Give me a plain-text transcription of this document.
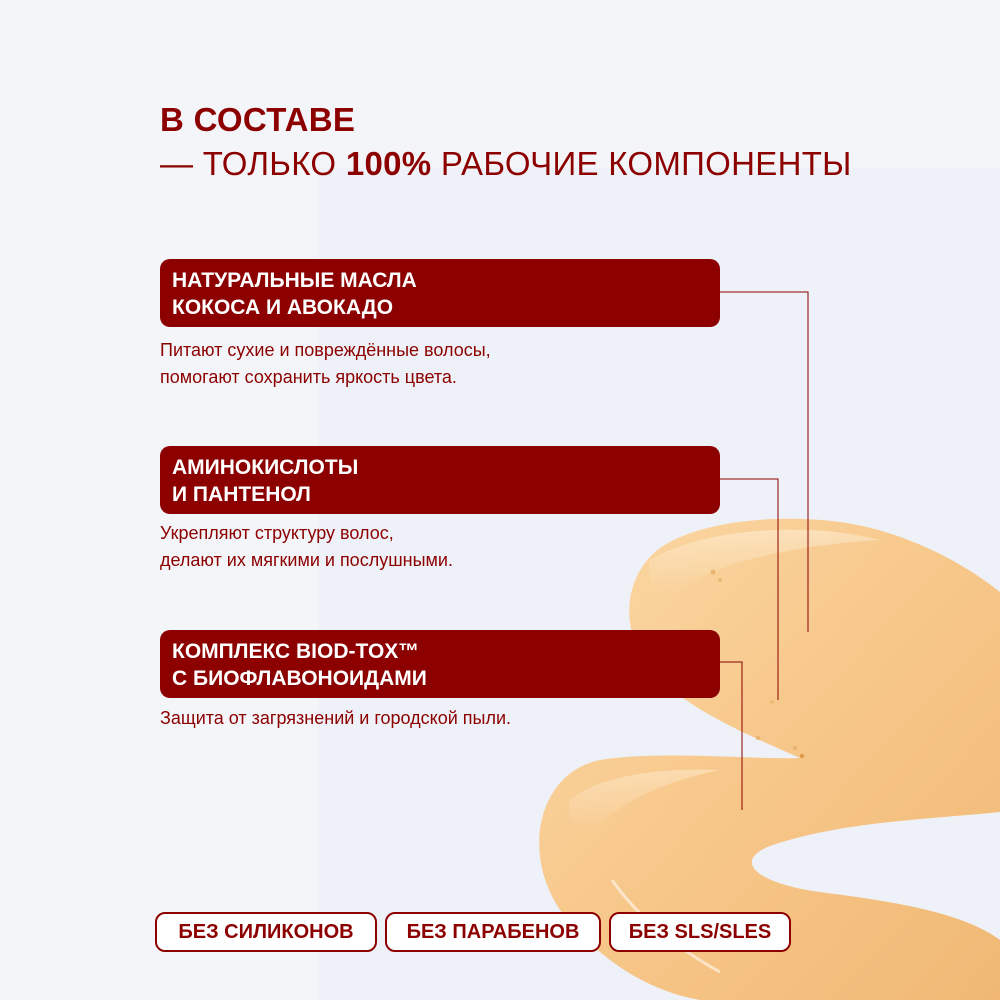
В СОСТАВЕ
— ТОЛЬКО 100% РАБОЧИЕ КОМПОНЕНТЫ
НАТУРАЛЬНЫЕ МАСЛА
КОКОСА И АВОКАДО
Питают сухие и повреждённые волосы,
помогают сохранить яркость цвета.
АМИНОКИСЛОТЫ
И ПАНТЕНОЛ
Укрепляют структуру волос,
делают их мягкими и послушными.
КОМПЛЕКС BIOD-TOX™
С БИОФЛАВОНОИДАМИ
Защита от загрязнений и городской пыли.
БЕЗ СИЛИКОНОВ	БЕЗ ПАРАБЕНОВ	БЕЗ SLS/SLES
